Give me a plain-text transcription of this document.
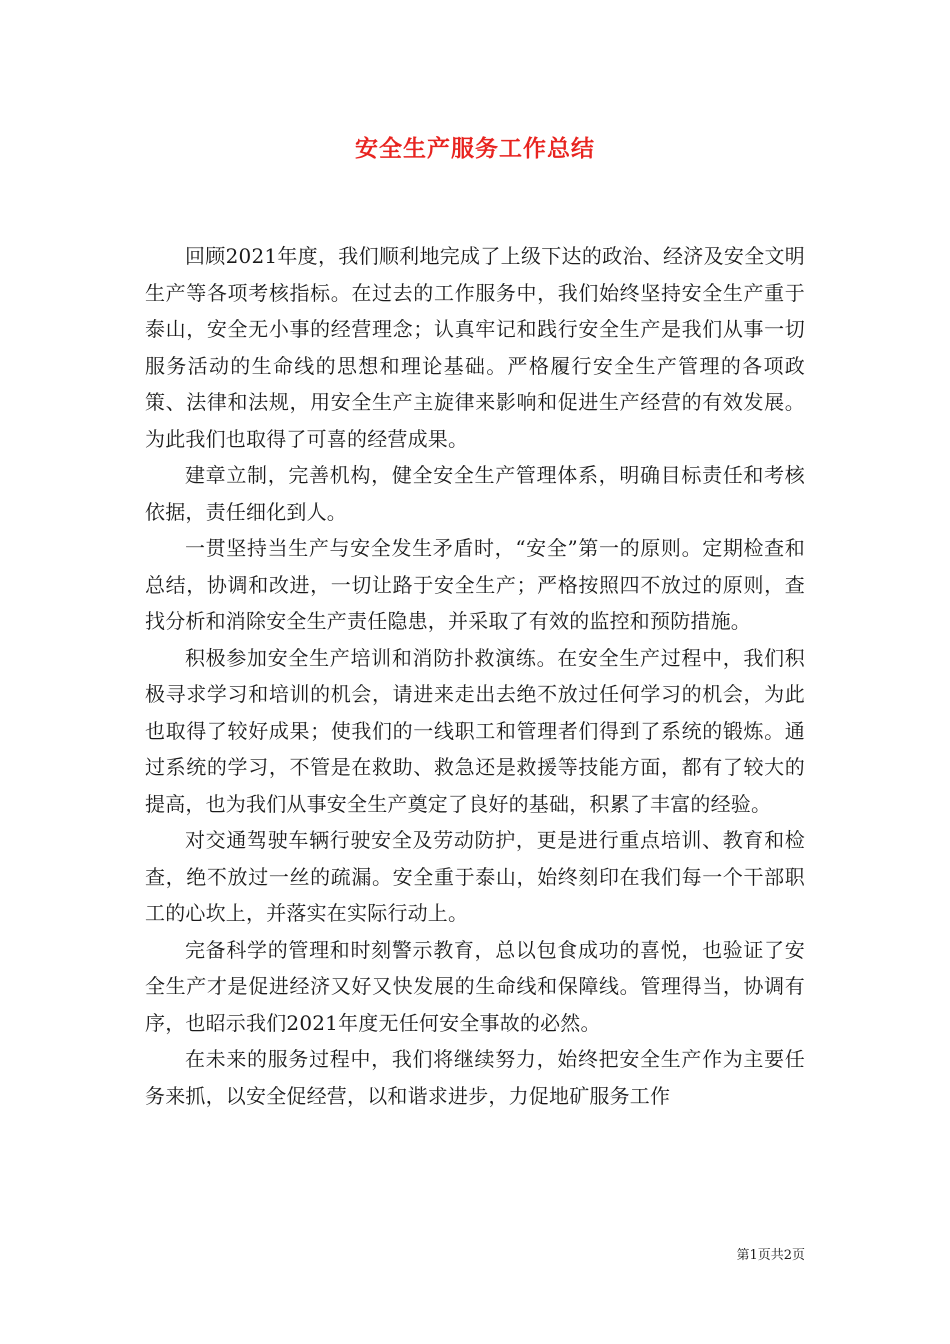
安全生产服务工作总结

回顾2021年度，我们顺利地完成了上级下达的政治、经济及安全文明生产等各项考核指标。在过去的工作服务中，我们始终坚持安全生产重于泰山，安全无小事的经营理念；认真牢记和践行安全生产是我们从事一切服务活动的生命线的思想和理论基础。严格履行安全生产管理的各项政策、法律和法规，用安全生产主旋律来影响和促进生产经营的有效发展。为此我们也取得了可喜的经营成果。

建章立制，完善机构，健全安全生产管理体系，明确目标责任和考核依据，责任细化到人。

一贯坚持当生产与安全发生矛盾时，“安全”第一的原则。定期检查和总结，协调和改进，一切让路于安全生产；严格按照四不放过的原则，查找分析和消除安全生产责任隐患，并采取了有效的监控和预防措施。

积极参加安全生产培训和消防扑救演练。在安全生产过程中，我们积极寻求学习和培训的机会，请进来走出去绝不放过任何学习的机会，为此也取得了较好成果；使我们的一线职工和管理者们得到了系统的锻炼。通过系统的学习，不管是在救助、救急还是救援等技能方面，都有了较大的提高，也为我们从事安全生产奠定了良好的基础，积累了丰富的经验。

对交通驾驶车辆行驶安全及劳动防护，更是进行重点培训、教育和检查，绝不放过一丝的疏漏。安全重于泰山，始终刻印在我们每一个干部职工的心坎上，并落实在实际行动上。

完备科学的管理和时刻警示教育，总以包食成功的喜悦，也验证了安全生产才是促进经济又好又快发展的生命线和保障线。管理得当，协调有序，也昭示我们2021年度无任何安全事故的必然。

在未来的服务过程中，我们将继续努力，始终把安全生产作为主要任务来抓，以安全促经营，以和谐求进步，力促地矿服务工作

第1页共2页
